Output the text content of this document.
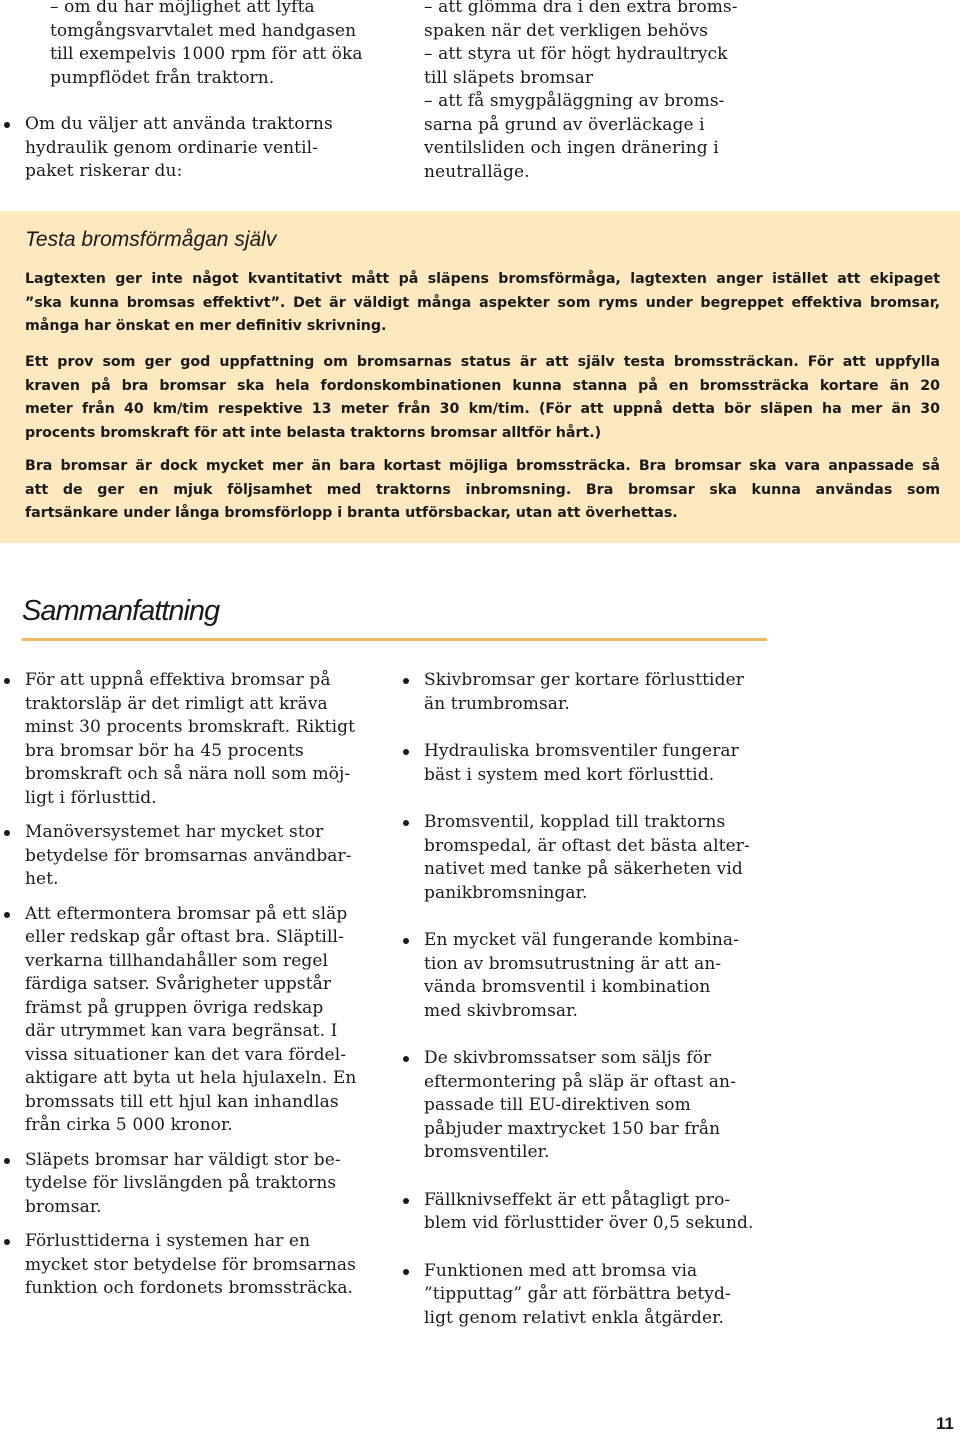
– om du har möjlighet att lyfta
tomgångsvarvtalet med handgasen
till exempelvis 1000 rpm för att öka
pumpflödet från traktorn.
Om du väljer att använda traktorns
hydraulik genom ordinarie ventil-
paket riskerar du:
– att glömma dra i den extra broms-
spaken när det verkligen behövs
– att styra ut för högt hydraultryck
till släpets bromsar
– att få smygpåläggning av broms-
sarna på grund av överläckage i
ventilsliden och ingen dränering i
neutralläge.
Testa bromsförmågan själv
Lagtexten ger inte något kvantitativt mått på släpens bromsförmåga, lagtexten anger istället att ekipaget
”ska kunna bromsas effektivt”. Det är väldigt många aspekter som ryms under begreppet effektiva bromsar,
många har önskat en mer definitiv skrivning.
Ett prov som ger god uppfattning om bromsarnas status är att själv testa bromssträckan. För att uppfylla
kraven på bra bromsar ska hela fordonskombinationen kunna stanna på en bromssträcka kortare än 20
meter från 40 km/tim respektive 13 meter från 30 km/tim. (För att uppnå detta bör släpen ha mer än 30
procents bromskraft för att inte belasta traktorns bromsar alltför hårt.)
Bra bromsar är dock mycket mer än bara kortast möjliga bromssträcka. Bra bromsar ska vara anpassade så
att de ger en mjuk följsamhet med traktorns inbromsning. Bra bromsar ska kunna användas som
fartsänkare under långa bromsförlopp i branta utförsbackar, utan att överhettas.
Sammanfattning
För att uppnå effektiva bromsar på
traktorsläp är det rimligt att kräva
minst 30 procents bromskraft. Riktigt
bra bromsar bör ha 45 procents
bromskraft och så nära noll som möj-
ligt i förlusttid.
Manöversystemet har mycket stor
betydelse för bromsarnas användbar-
het.
Att eftermontera bromsar på ett släp
eller redskap går oftast bra. Släptill-
verkarna tillhandahåller som regel
färdiga satser. Svårigheter uppstår
främst på gruppen övriga redskap
där utrymmet kan vara begränsat. I
vissa situationer kan det vara fördel-
aktigare att byta ut hela hjulaxeln. En
bromssats till ett hjul kan inhandlas
från cirka 5 000 kronor.
Släpets bromsar har väldigt stor be-
tydelse för livslängden på traktorns
bromsar.
Förlusttiderna i systemen har en
mycket stor betydelse för bromsarnas
funktion och fordonets bromssträcka.
Skivbromsar ger kortare förlusttider
än trumbromsar.
Hydrauliska bromsventiler fungerar
bäst i system med kort förlusttid.
Bromsventil, kopplad till traktorns
bromspedal, är oftast det bästa alter-
nativet med tanke på säkerheten vid
panikbromsningar.
En mycket väl fungerande kombina-
tion av bromsutrustning är att an-
vända bromsventil i kombination
med skivbromsar.
De skivbromssatser som säljs för
eftermontering på släp är oftast an-
passade till EU-direktiven som
påbjuder maxtrycket 150 bar från
bromsventiler.
Fällknivseffekt är ett påtagligt pro-
blem vid förlusttider över 0,5 sekund.
Funktionen med att bromsa via
”tipputtag” går att förbättra betyd-
ligt genom relativt enkla åtgärder.
11
